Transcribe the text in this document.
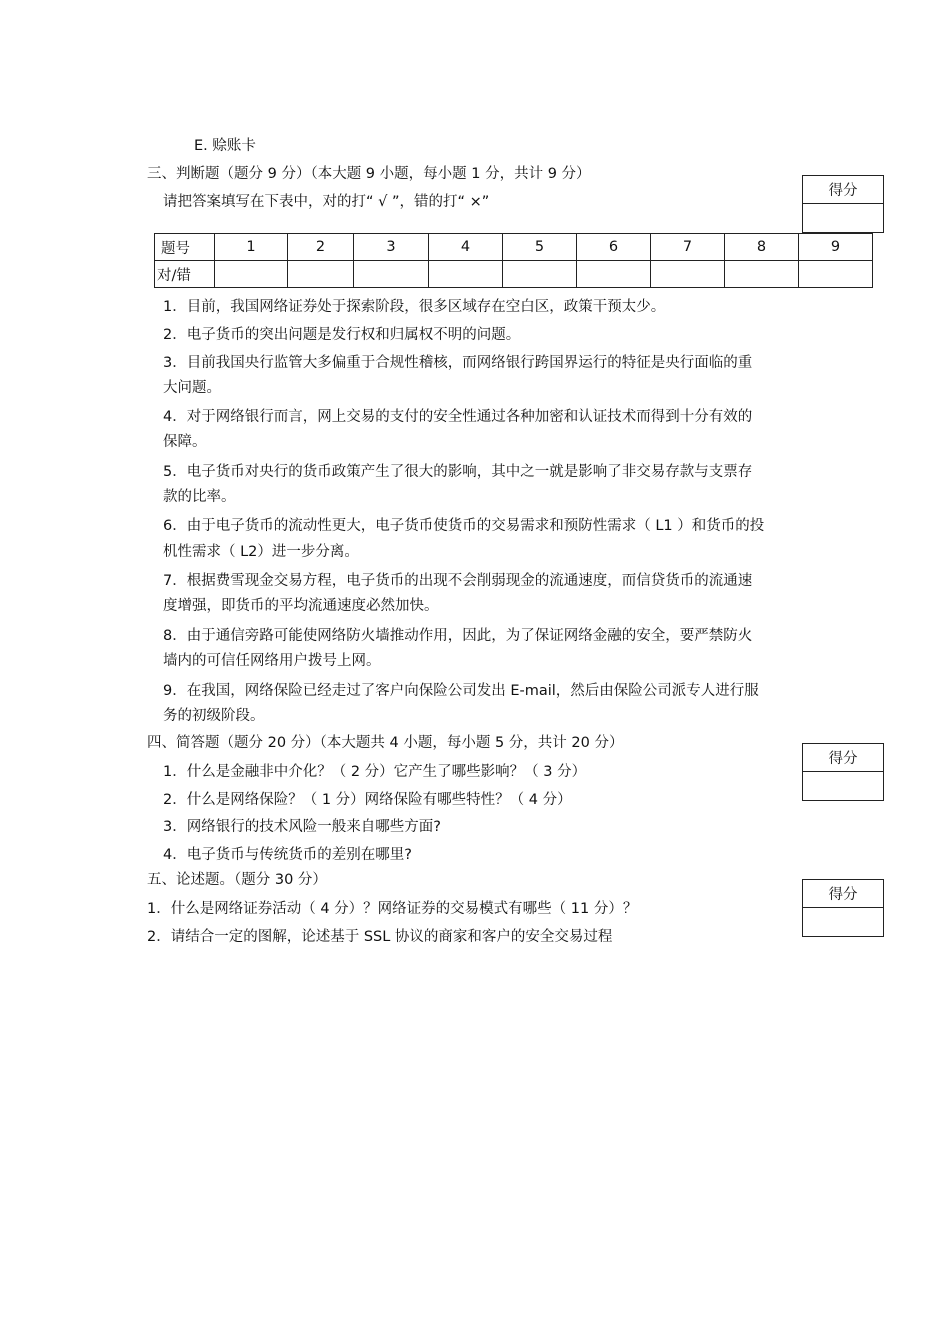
E. 赊账卡
三、判断题（题分 9 分）（本大题 9 小题，每小题 1 分，共计 9 分）
请把答案填写在下表中，对的打“ √ ”，错的打“ ×”
得分
题号	1	2	3	4	5	6	7	8	9
对/错									
1．目前，我国网络证券处于探索阶段，很多区域存在空白区，政策干预太少。
2．电子货币的突出问题是发行权和归属权不明的问题。
3．目前我国央行监管大多偏重于合规性稽核，而网络银行跨国界运行的特征是央行面临的重
大问题。
4．对于网络银行而言，网上交易的支付的安全性通过各种加密和认证技术而得到十分有效的
保障。
5．电子货币对央行的货币政策产生了很大的影响，其中之一就是影响了非交易存款与支票存
款的比率。
6．由于电子货币的流动性更大，电子货币使货币的交易需求和预防性需求（ L1 ）和货币的投
机性需求（ L2）进一步分离。
7．根据费雪现金交易方程，电子货币的出现不会削弱现金的流通速度，而信贷货币的流通速
度增强，即货币的平均流通速度必然加快。
8．由于通信旁路可能使网络防火墙推动作用，因此，为了保证网络金融的安全，要严禁防火
墙内的可信任网络用户拨号上网。
9．在我国，网络保险已经走过了客户向保险公司发出 E-mail，然后由保险公司派专人进行服
务的初级阶段。
四、简答题（题分 20 分）（本大题共 4 小题，每小题 5 分，共计 20 分）
得分
1．什么是金融非中介化？（ 2 分）它产生了哪些影响？（ 3 分）
2．什么是网络保险？（ 1 分）网络保险有哪些特性？（ 4 分）
3．网络银行的技术风险一般来自哪些方面?
4．电子货币与传统货币的差别在哪里?
五、论述题。（题分 30 分）
得分
1．什么是网络证券活动（ 4 分）？网络证券的交易模式有哪些（ 11 分）？
2．请结合一定的图解，论述基于 SSL 协议的商家和客户的安全交易过程
